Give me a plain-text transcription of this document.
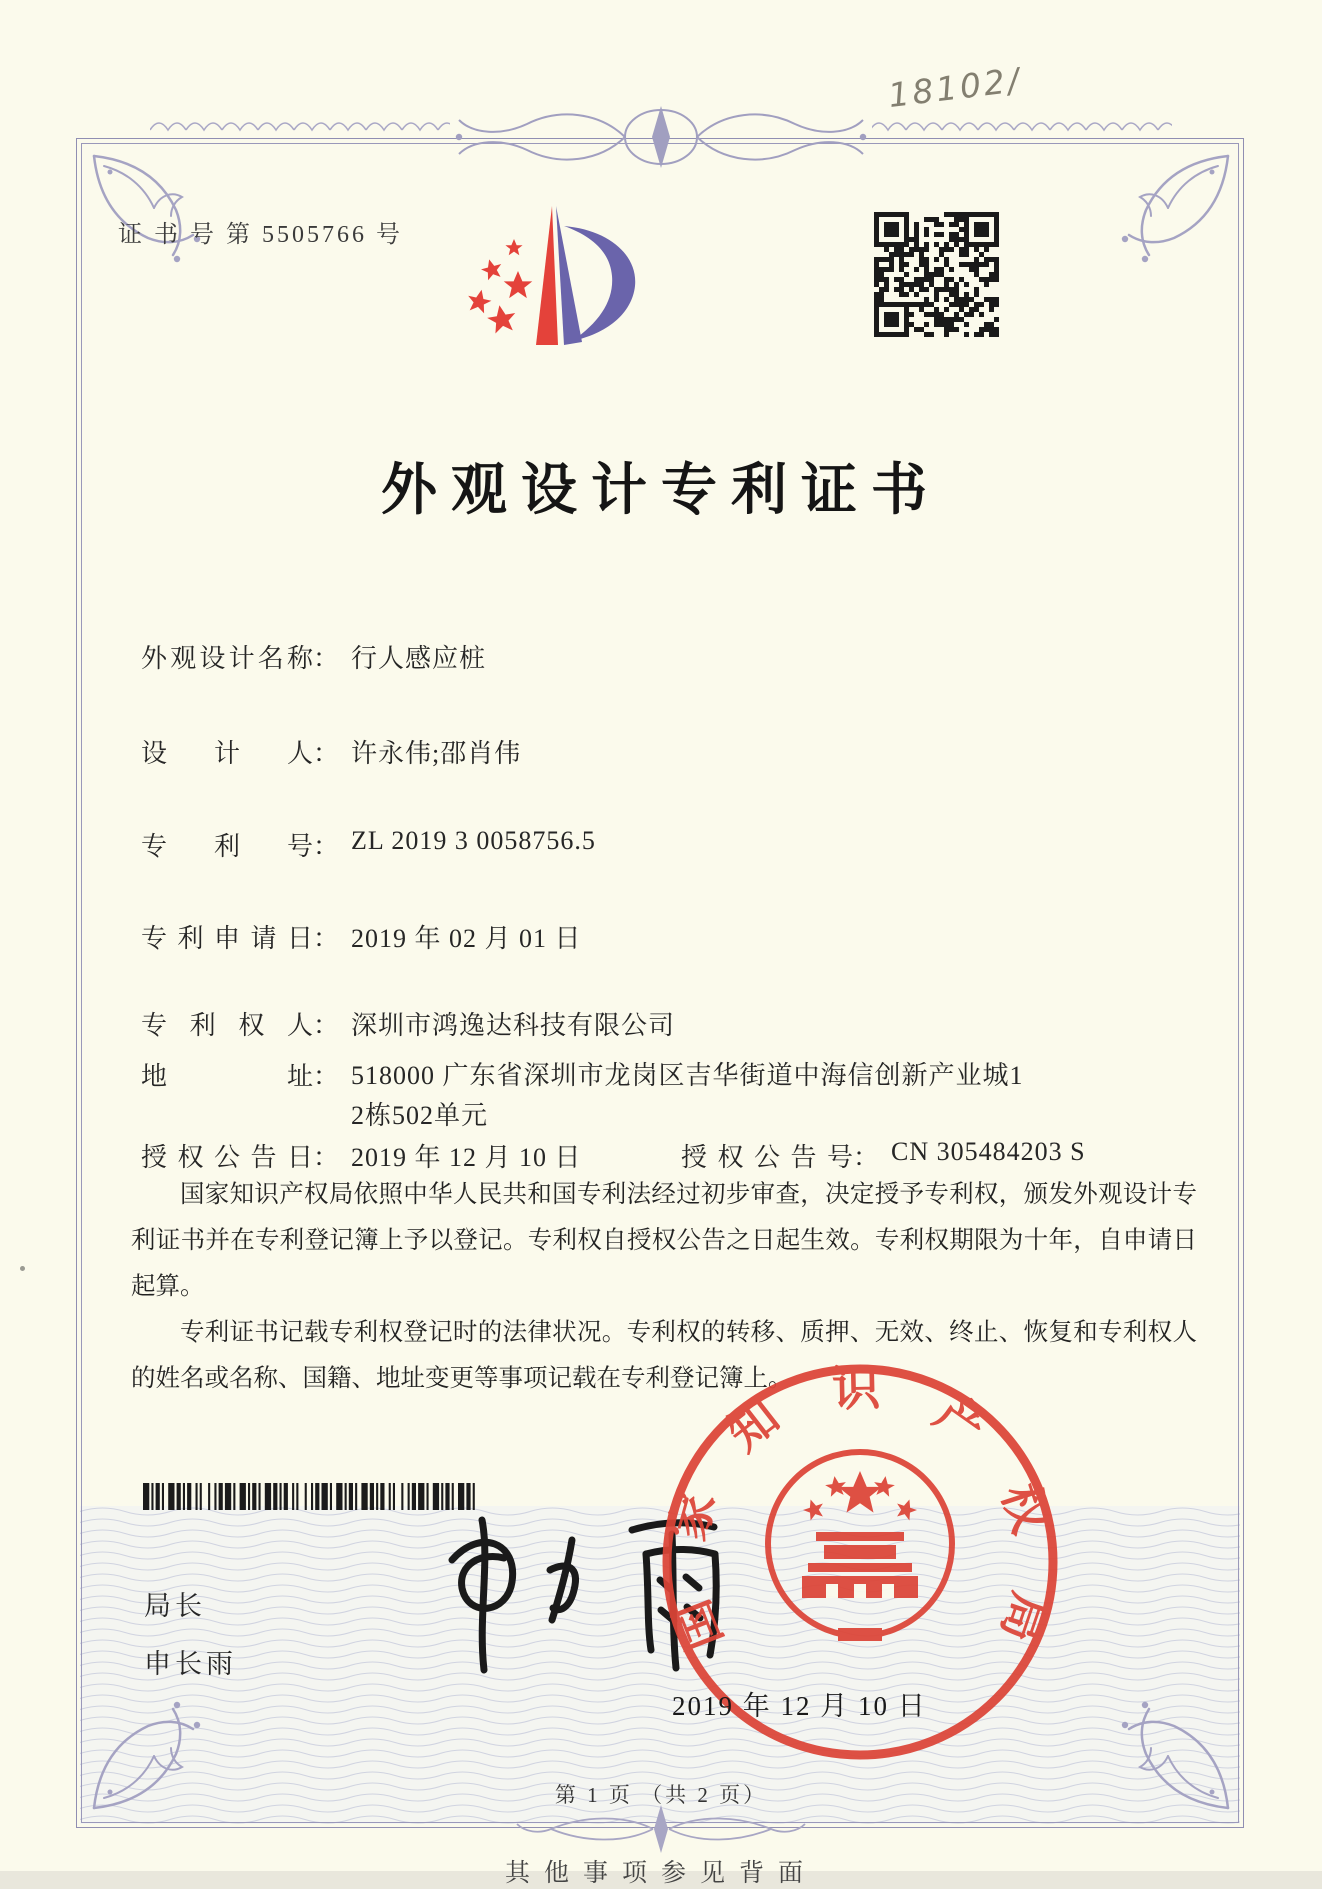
18102/
证 书 号 第 5505766 号
外观设计专利证书
外观设计名称： 行人感应桩
设计人： 许永伟;邵肖伟
专利号： ZL 2019 3 0058756.5
专利申请日： 2019 年 02 月 01 日
专利权人： 深圳市鸿逸达科技有限公司
地址： 518000 广东省深圳市龙岗区吉华街道中海信创新产业城1
2栋502单元
授权公告日： 2019 年 12 月 10 日	授权公告号： CN 305484203 S

国家知识产权局依照中华人民共和国专利法经过初步审查，决定授予专利权，颁发外观设计专利证书并在专利登记簿上予以登记。专利权自授权公告之日起生效。专利权期限为十年，自申请日起算。

专利证书记载专利权登记时的法律状况。专利权的转移、质押、无效、终止、恢复和专利权人的姓名或名称、国籍、地址变更等事项记载在专利登记簿上。

局长
申长雨
国家知识产权局
2019 年 12 月 10 日
第 1 页 （共 2 页）
其他事项参见背面
